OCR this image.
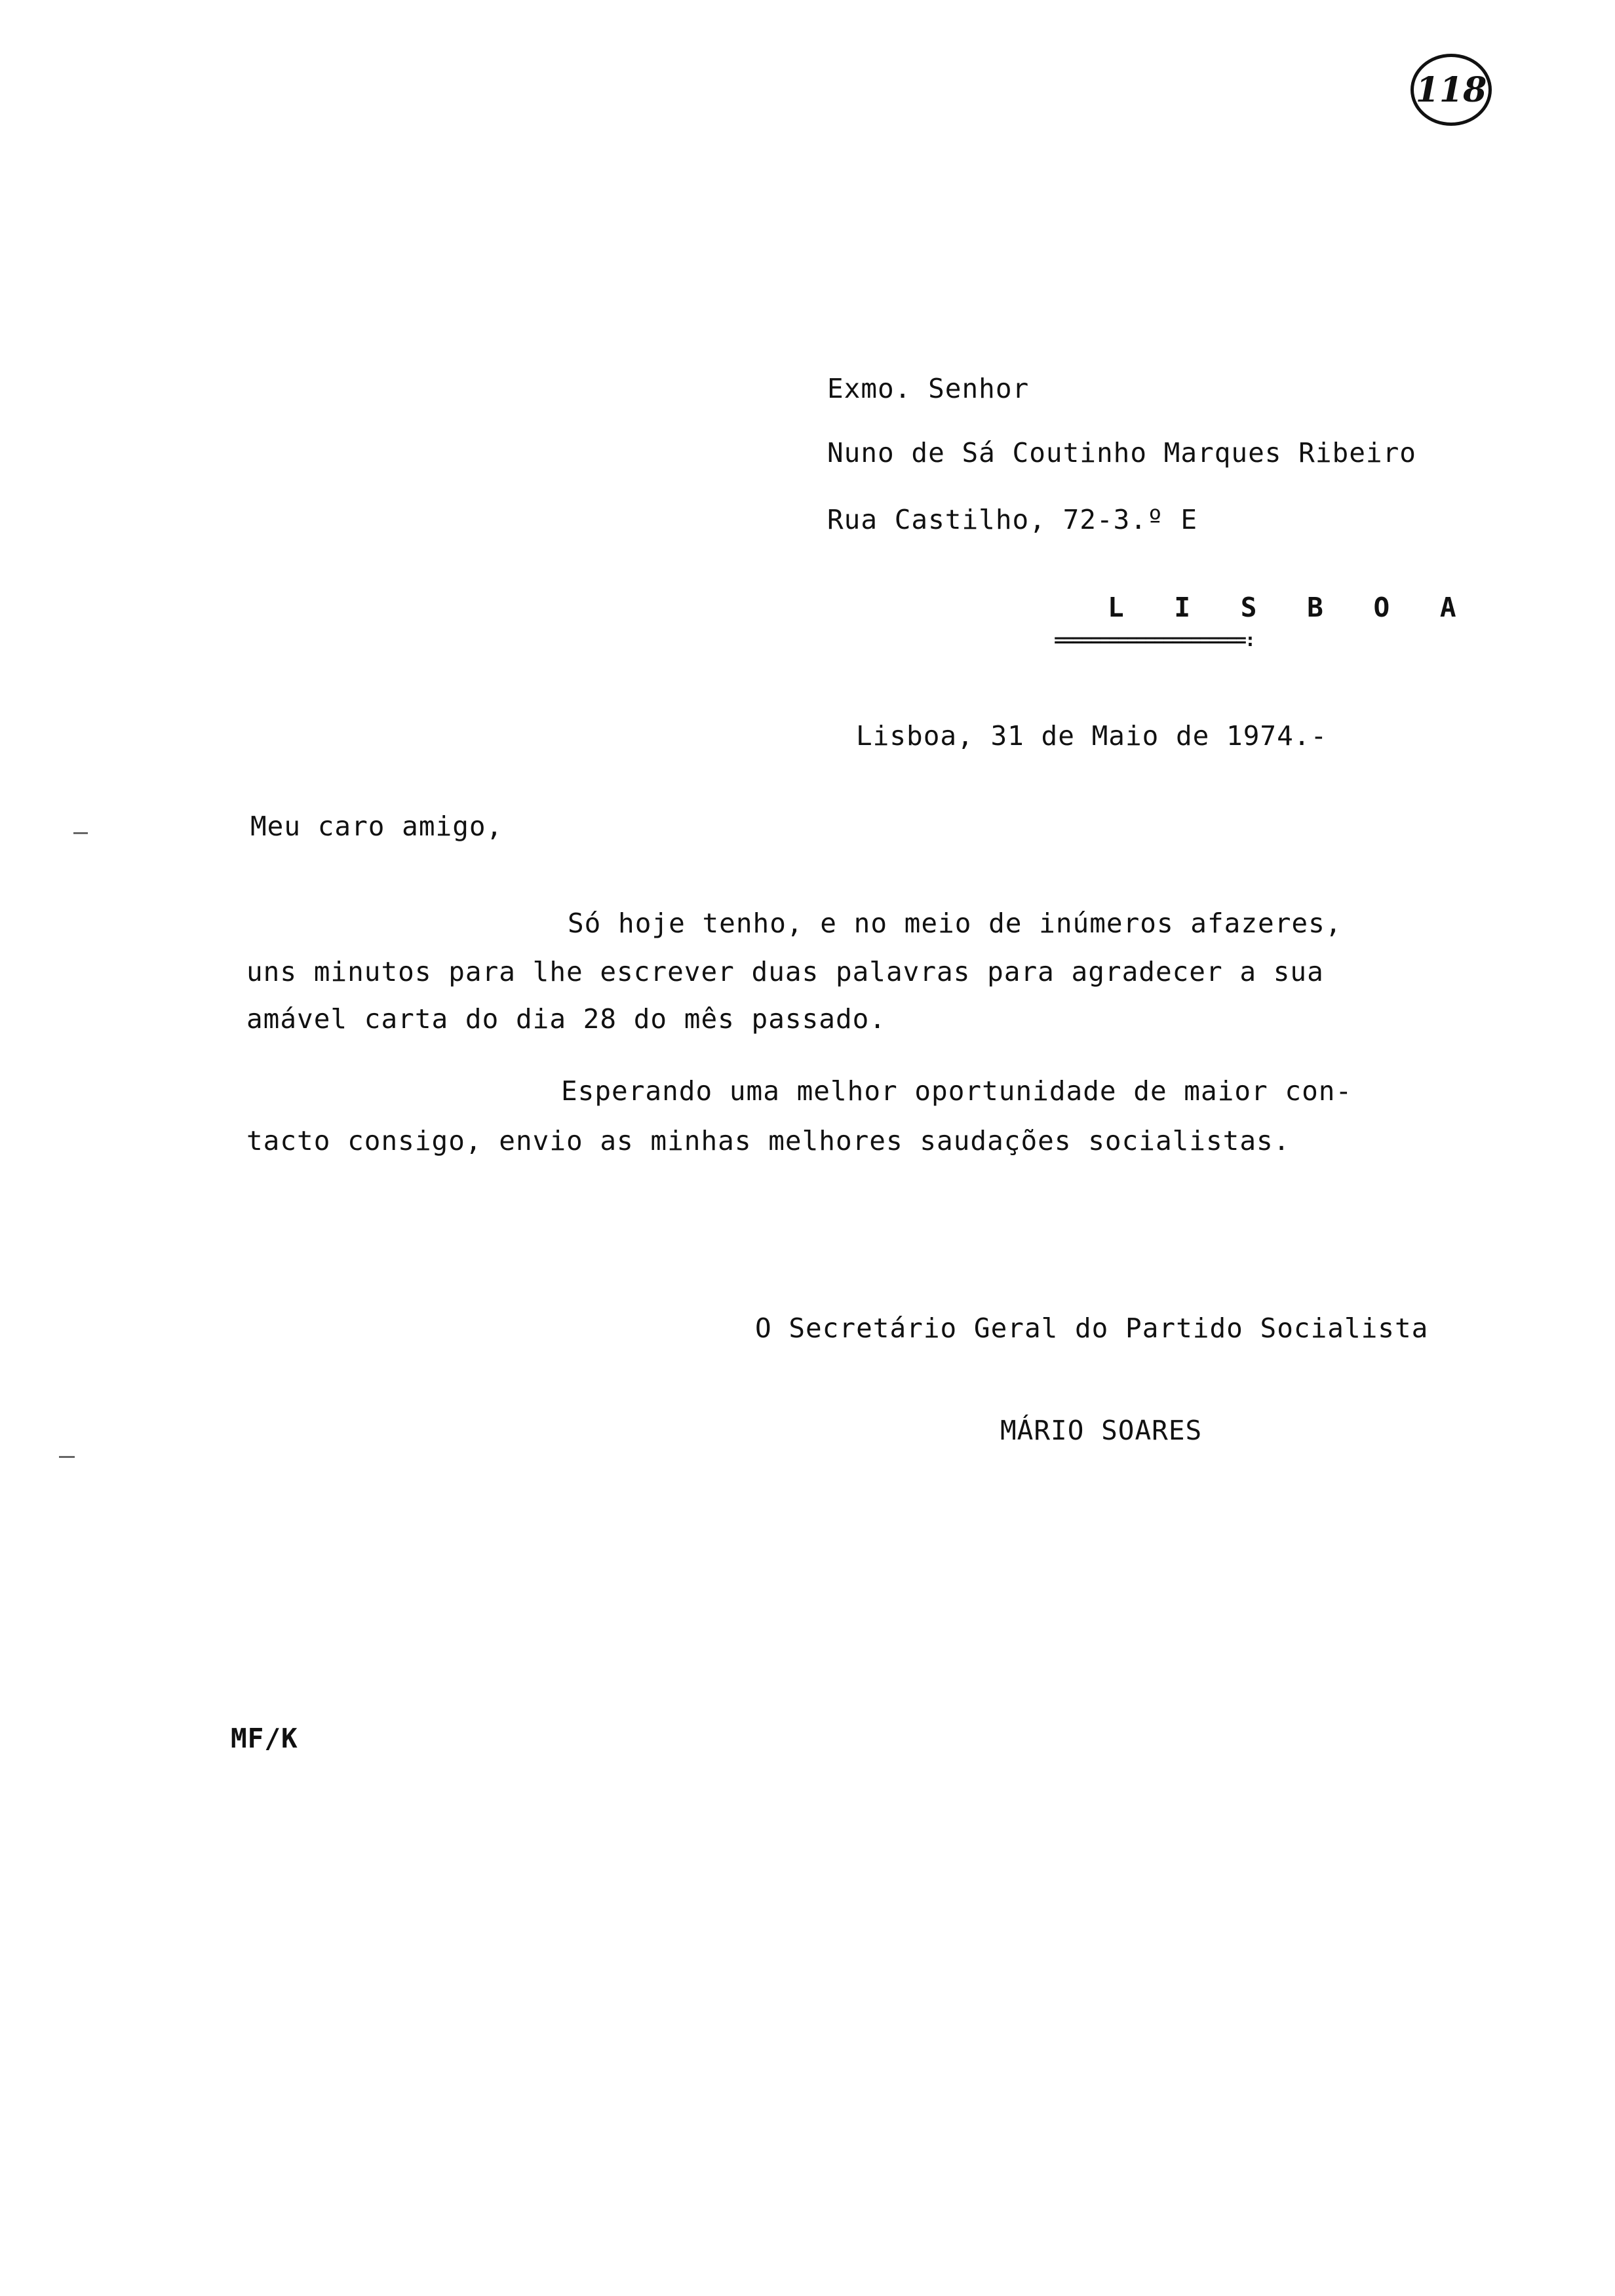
118
Exmo. Senhor
Nuno de Sá Coutinho Marques Ribeiro
Rua Castilho, 72-3.º E
L I S B O A
=====================:
Lisboa, 31 de Maio de 1974.-
Meu caro amigo,
Só hoje tenho, e no meio de inúmeros afazeres,
uns minutos para lhe escrever duas palavras para agradecer a sua
amável carta do dia 28 do mês passado.
Esperando uma melhor oportunidade de maior con-
tacto consigo, envio as minhas melhores saudações socialistas.
O Secretário Geral do Partido Socialista
MÁRIO SOARES
MF/K
